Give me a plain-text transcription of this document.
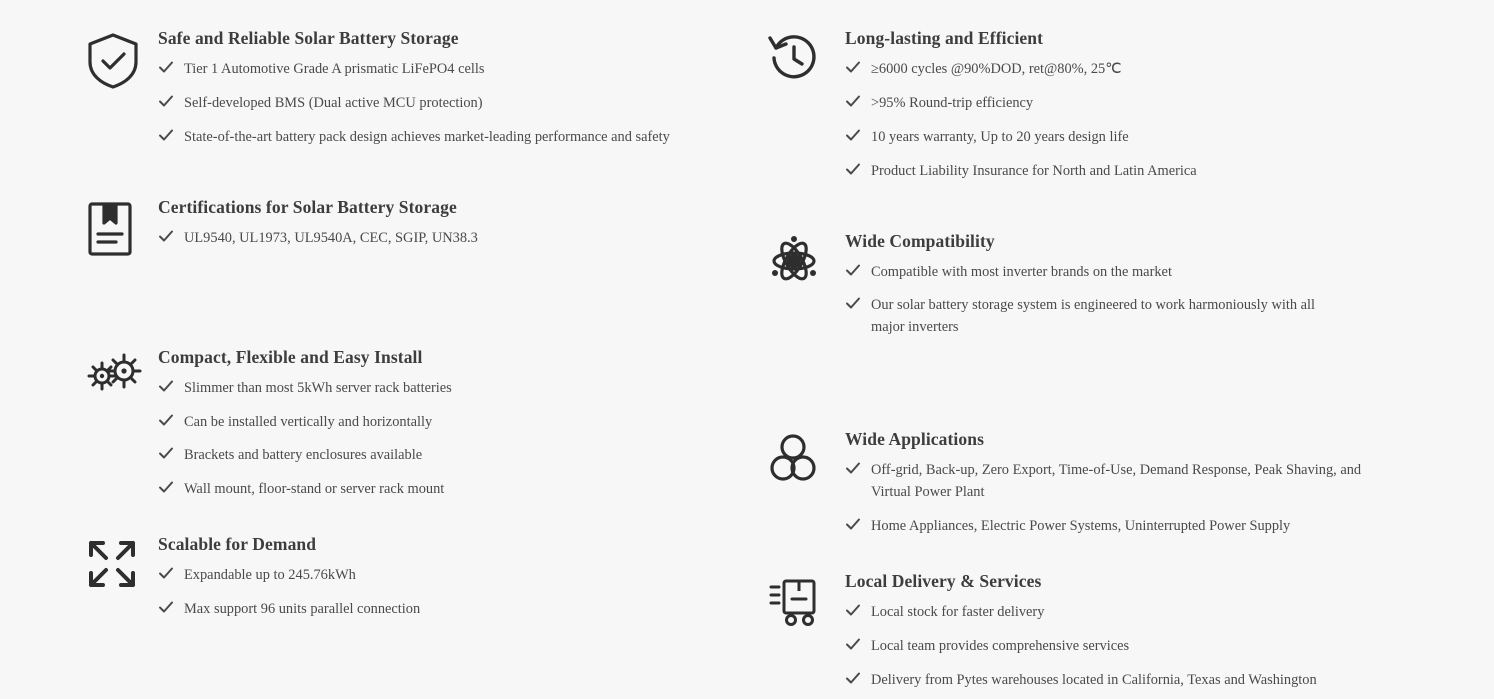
Safe and Reliable Solar Battery Storage
Tier 1 Automotive Grade A prismatic LiFePO4 cells
Self-developed BMS (Dual active MCU protection)
State-of-the-art battery pack design achieves market-leading performance and safety
Certifications for Solar Battery Storage
UL9540, UL1973, UL9540A, CEC, SGIP, UN38.3
Compact, Flexible and Easy Install
Slimmer than most 5kWh server rack batteries
Can be installed vertically and horizontally
Brackets and battery enclosures available
Wall mount, floor-stand or server rack mount
Scalable for Demand
Expandable up to 245.76kWh
Max support 96 units parallel connection
Long-lasting and Efficient
≥6000 cycles @90%DOD, ret@80%, 25℃
>95% Round-trip efficiency
10 years warranty, Up to 20 years design life
Product Liability Insurance for North and Latin America
Wide Compatibility
Compatible with most inverter brands on the market
Our solar battery storage system is engineered to work harmoniously with all major inverters
Wide Applications
Off-grid, Back-up, Zero Export, Time-of-Use, Demand Response, Peak Shaving, and Virtual Power Plant
Home Appliances, Electric Power Systems, Uninterrupted Power Supply
Local Delivery & Services
Local stock for faster delivery
Local team provides comprehensive services
Delivery from Pytes warehouses located in California, Texas and Washington
